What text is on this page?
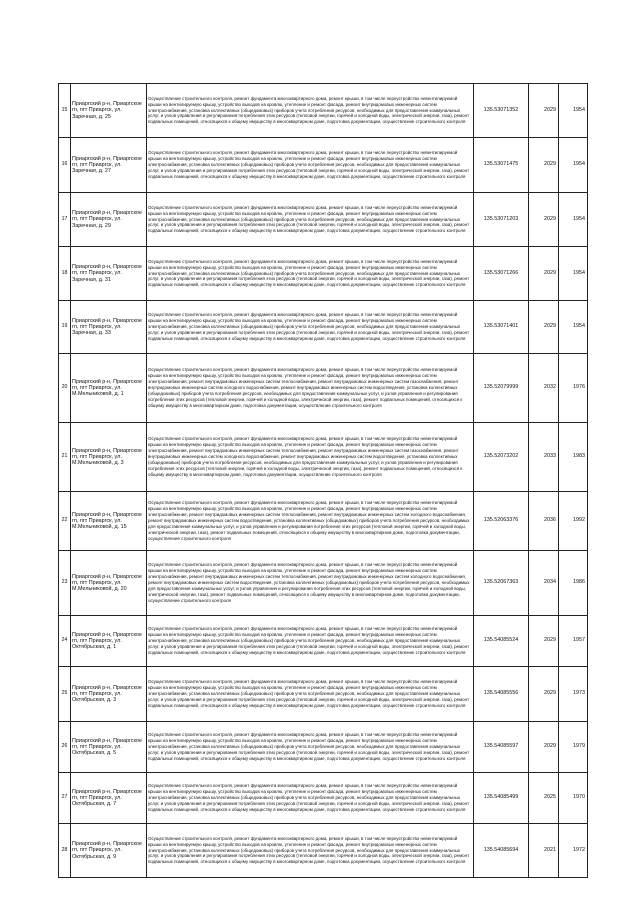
15	Приаргский р-н, Приаргское гп, пгт Приаргск, ул. Заречная, д. 25	Осуществление строительного контроля, ремонт фундамента многоквартирного дома, ремонт крыши, в том числе переустройство невентилируемой крыши на вентилируемую крышу, устройство выходов на кровлю, утепление и ремонт фасада, ремонт внутридомовых инженерных систем электроснабжения, установка коллективных (общедомовых) приборов учета потребления ресурсов, необходимых для предоставления коммунальных услуг, и узлов управления и регулирования потребления этих ресурсов (тепловой энергии, горячей и холодной воды, электрической энергии, газа), ремонт подвальных помещений, относящихся к общему имуществу в многоквартирном доме, подготовка документации, осуществление строительного контроля	135.53071352	2029	1954
16	Приаргский р-н, Приаргское гп, пгт Приаргск, ул. Заречная, д. 27	Осуществление строительного контроля, ремонт фундамента многоквартирного дома, ремонт крыши, в том числе переустройство невентилируемой крыши на вентилируемую крышу, устройство выходов на кровлю, утепление и ремонт фасада, ремонт внутридомовых инженерных систем электроснабжения, установка коллективных (общедомовых) приборов учета потребления ресурсов, необходимых для предоставления коммунальных услуг, и узлов управления и регулирования потребления этих ресурсов (тепловой энергии, горячей и холодной воды, электрической энергии, газа), ремонт подвальных помещений, относящихся к общему имуществу в многоквартирном доме, подготовка документации, осуществление строительного контроля	135.53071475	2029	1954
17	Приаргский р-н, Приаргское гп, пгт Приаргск, ул. Заречная, д. 29	Осуществление строительного контроля, ремонт фундамента многоквартирного дома, ремонт крыши, в том числе переустройство невентилируемой крыши на вентилируемую крышу, устройство выходов на кровлю, утепление и ремонт фасада, ремонт внутридомовых инженерных систем электроснабжения, установка коллективных (общедомовых) приборов учета потребления ресурсов, необходимых для предоставления коммунальных услуг, и узлов управления и регулирования потребления этих ресурсов (тепловой энергии, горячей и холодной воды, электрической энергии, газа), ремонт подвальных помещений, относящихся к общему имуществу в многоквартирном доме, подготовка документации, осуществление строительного контроля	135.53071203	2029	1954
18	Приаргский р-н, Приаргское гп, пгт Приаргск, ул. Заречная, д. 31	Осуществление строительного контроля, ремонт фундамента многоквартирного дома, ремонт крыши, в том числе переустройство невентилируемой крыши на вентилируемую крышу, устройство выходов на кровлю, утепление и ремонт фасада, ремонт внутридомовых инженерных систем электроснабжения, установка коллективных (общедомовых) приборов учета потребления ресурсов, необходимых для предоставления коммунальных услуг, и узлов управления и регулирования потребления этих ресурсов (тепловой энергии, горячей и холодной воды, электрической энергии, газа), ремонт подвальных помещений, относящихся к общему имуществу в многоквартирном доме, подготовка документации, осуществление строительного контроля	135.53071266	2029	1954
19	Приаргский р-н, Приаргское гп, пгт Приаргск, ул. Заречная, д. 33	Осуществление строительного контроля, ремонт фундамента многоквартирного дома, ремонт крыши, в том числе переустройство невентилируемой крыши на вентилируемую крышу, устройство выходов на кровлю, утепление и ремонт фасада, ремонт внутридомовых инженерных систем электроснабжения, установка коллективных (общедомовых) приборов учета потребления ресурсов, необходимых для предоставления коммунальных услуг, и узлов управления и регулирования потребления этих ресурсов (тепловой энергии, горячей и холодной воды, электрической энергии, газа), ремонт подвальных помещений, относящихся к общему имуществу в многоквартирном доме, подготовка документации, осуществление строительного контроля	135.53071401	2029	1954
20	Приаргский р-н, Приаргское гп, пгт Приаргск, ул. М.Мельниковой, д. 1	Осуществление строительного контроля, ремонт фундамента многоквартирного дома, ремонт крыши, в том числе переустройство невентилируемой крыши на вентилируемую крышу, устройство выходов на кровлю, утепление и ремонт фасада, ремонт внутридомовых инженерных систем электроснабжения, ремонт внутридомовых инженерных систем теплоснабжения, ремонт внутридомовых инженерных систем газоснабжения, ремонт внутридомовых инженерных систем холодного водоснабжения, ремонт внутридомовых инженерных систем водоотведения, установка коллективных (общедомовых) приборов учета потребления ресурсов, необходимых для предоставления коммунальных услуг, и узлов управления и регулирования потребления этих ресурсов (тепловой энергии, горячей и холодной воды, электрической энергии, газа), ремонт подвальных помещений, относящихся к общему имуществу в многоквартирном доме, подготовка документации, осуществление строительного контроля	135.52079999	2032	1976
21	Приаргский р-н, Приаргское гп, пгт Приаргск, ул. М.Мельниковой, д. 3	Осуществление строительного контроля, ремонт фундамента многоквартирного дома, ремонт крыши, в том числе переустройство невентилируемой крыши на вентилируемую крышу, устройство выходов на кровлю, утепление и ремонт фасада, ремонт внутридомовых инженерных систем электроснабжения, ремонт внутридомовых инженерных систем теплоснабжения, ремонт внутридомовых инженерных систем газоснабжения, ремонт внутридомовых инженерных систем холодного водоснабжения, ремонт внутридомовых инженерных систем водоотведения, установка коллективных (общедомовых) приборов учета потребления ресурсов, необходимых для предоставления коммунальных услуг, и узлов управления и регулирования потребления этих ресурсов (тепловой энергии, горячей и холодной воды, электрической энергии, газа), ремонт подвальных помещений, относящихся к общему имуществу в многоквартирном доме, подготовка документации, осуществление строительного контроля	135.52073202	2033	1983
22	Приаргский р-н, Приаргское гп, пгт Приаргск, ул. М.Мельниковой, д. 15	Осуществление строительного контроля, ремонт фундамента многоквартирного дома, ремонт крыши, в том числе переустройство невентилируемой крыши на вентилируемую крышу, устройство выходов на кровлю, утепление и ремонт фасада, ремонт внутридомовых инженерных систем электроснабжения, ремонт внутридомовых инженерных систем теплоснабжения, ремонт внутридомовых инженерных систем холодного водоснабжения, ремонт внутридомовых инженерных систем водоотведения, установка коллективных (общедомовых) приборов учета потребления ресурсов, необходимых для предоставления коммунальных услуг, и узлов управления и регулирования потребления этих ресурсов (тепловой энергии, горячей и холодной воды, электрической энергии, газа), ремонт подвальных помещений, относящихся к общему имуществу в многоквартирном доме, подготовка документации, осуществление строительного контроля	135.52063376	2036	1992
23	Приаргский р-н, Приаргское гп, пгт Приаргск, ул. М.Мельниковой, д. 20	Осуществление строительного контроля, ремонт фундамента многоквартирного дома, ремонт крыши, в том числе переустройство невентилируемой крыши на вентилируемую крышу, устройство выходов на кровлю, утепление и ремонт фасада, ремонт внутридомовых инженерных систем электроснабжения, ремонт внутридомовых инженерных систем теплоснабжения, ремонт внутридомовых инженерных систем холодного водоснабжения, ремонт внутридомовых инженерных систем водоотведения, установка коллективных (общедомовых) приборов учета потребления ресурсов, необходимых для предоставления коммунальных услуг, и узлов управления и регулирования потребления этих ресурсов (тепловой энергии, горячей и холодной воды, электрической энергии, газа), ремонт подвальных помещений, относящихся к общему имуществу в многоквартирном доме, подготовка документации, осуществление строительного контроля	135.52067363	2034	1986
24	Приаргский р-н, Приаргское гп, пгт Приаргск, ул. Октябрьская, д. 1	Осуществление строительного контроля, ремонт фундамента многоквартирного дома, ремонт крыши, в том числе переустройство невентилируемой крыши на вентилируемую крышу, устройство выходов на кровлю, утепление и ремонт фасада, ремонт внутридомовых инженерных систем электроснабжения, установка коллективных (общедомовых) приборов учета потребления ресурсов, необходимых для предоставления коммунальных услуг, и узлов управления и регулирования потребления этих ресурсов (тепловой энергии, горячей и холодной воды, электрической энергии, газа), ремонт подвальных помещений, относящихся к общему имуществу в многоквартирном доме, подготовка документации, осуществление строительного контроля	135.54085524	2029	1957
25	Приаргский р-н, Приаргское гп, пгт Приаргск, ул. Октябрьская, д. 3	Осуществление строительного контроля, ремонт фундамента многоквартирного дома, ремонт крыши, в том числе переустройство невентилируемой крыши на вентилируемую крышу, устройство выходов на кровлю, утепление и ремонт фасада, ремонт внутридомовых инженерных систем электроснабжения, установка коллективных (общедомовых) приборов учета потребления ресурсов, необходимых для предоставления коммунальных услуг, и узлов управления и регулирования потребления этих ресурсов (тепловой энергии, горячей и холодной воды, электрической энергии, газа), ремонт подвальных помещений, относящихся к общему имуществу в многоквартирном доме, подготовка документации, осуществление строительного контроля	135.54085556	2029	1973
26	Приаргский р-н, Приаргское гп, пгт Приаргск, ул. Октябрьская, д. 5	Осуществление строительного контроля, ремонт фундамента многоквартирного дома, ремонт крыши, в том числе переустройство невентилируемой крыши на вентилируемую крышу, устройство выходов на кровлю, утепление и ремонт фасада, ремонт внутридомовых инженерных систем электроснабжения, установка коллективных (общедомовых) приборов учета потребления ресурсов, необходимых для предоставления коммунальных услуг, и узлов управления и регулирования потребления этих ресурсов (тепловой энергии, горячей и холодной воды, электрической энергии, газа), ремонт подвальных помещений, относящихся к общему имуществу в многоквартирном доме, подготовка документации, осуществление строительного контроля	135.54085597	2029	1979
27	Приаргский р-н, Приаргское гп, пгт Приаргск, ул. Октябрьская, д. 7	Осуществление строительного контроля, ремонт фундамента многоквартирного дома, ремонт крыши, в том числе переустройство невентилируемой крыши на вентилируемую крышу, устройство выходов на кровлю, утепление и ремонт фасада, ремонт внутридомовых инженерных систем электроснабжения, установка коллективных (общедомовых) приборов учета потребления ресурсов, необходимых для предоставления коммунальных услуг, и узлов управления и регулирования потребления этих ресурсов (тепловой энергии, горячей и холодной воды, электрической энергии, газа), ремонт подвальных помещений, относящихся к общему имуществу в многоквартирном доме, подготовка документации, осуществление строительного контроля	135.54085499	2025	1970
28	Приаргский р-н, Приаргское гп, пгт Приаргск, ул. Октябрьская, д. 9	Осуществление строительного контроля, ремонт фундамента многоквартирного дома, ремонт крыши, в том числе переустройство невентилируемой крыши на вентилируемую крышу, устройство выходов на кровлю, утепление и ремонт фасада, ремонт внутридомовых инженерных систем электроснабжения, установка коллективных (общедомовых) приборов учета потребления ресурсов, необходимых для предоставления коммунальных услуг, и узлов управления и регулирования потребления этих ресурсов (тепловой энергии, горячей и холодной воды, электрической энергии, газа), ремонт подвальных помещений, относящихся к общему имуществу в многоквартирном доме, подготовка документации, осуществление строительного контроля	135.54085694	2021	1972
